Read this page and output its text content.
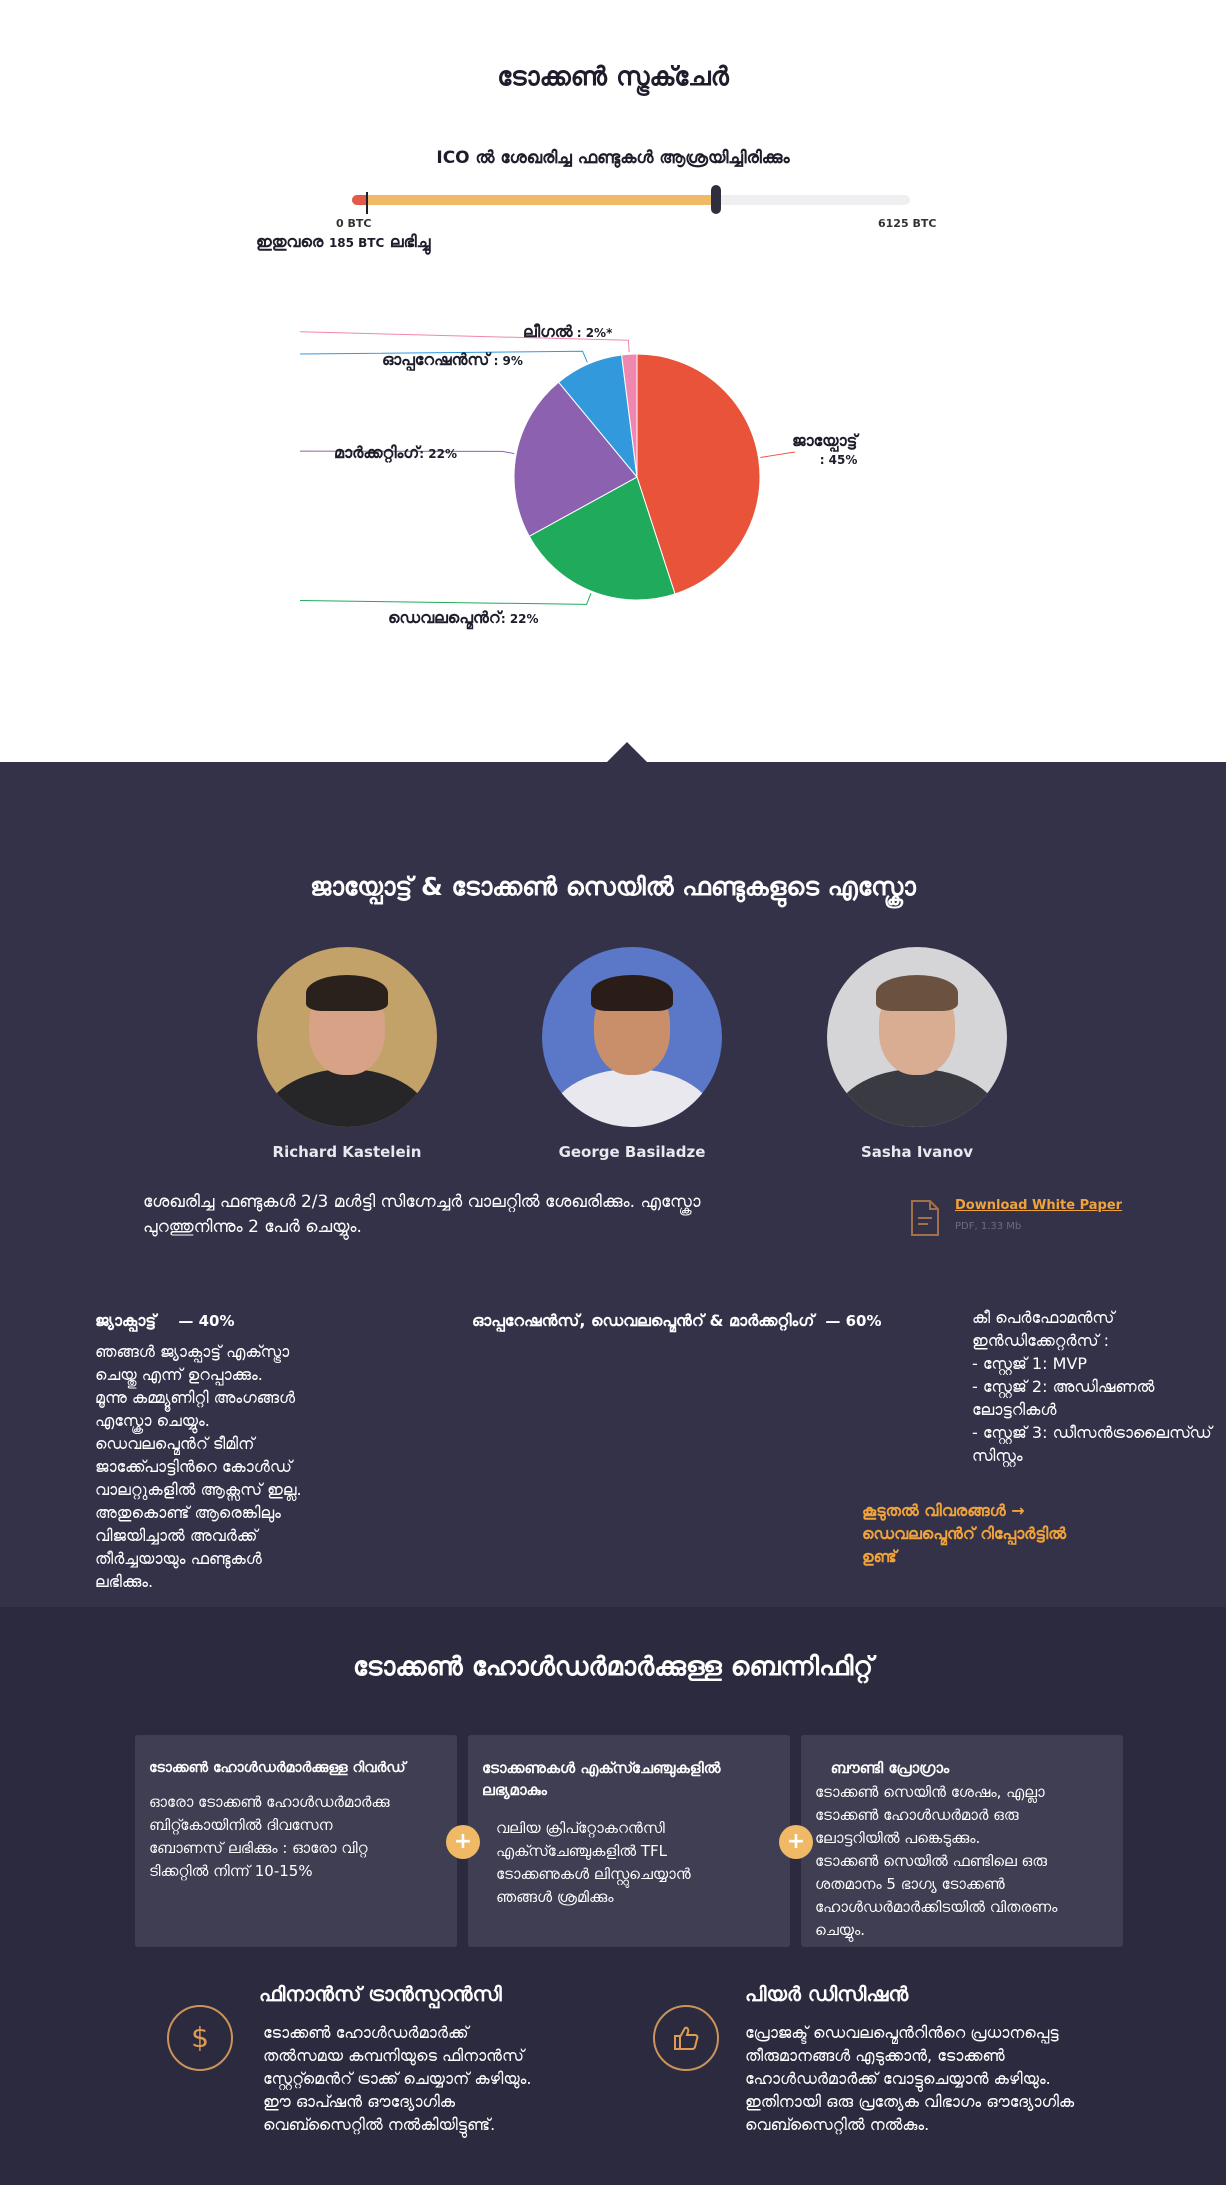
ടോക്കൺ സ്ട്രക്ചേർ
ICO ൽ ശേഖരിച്ച ഫണ്ടുകൾ ആശ്രയിച്ചിരിക്കും
0 BTC	6125 BTC
ഇതുവരെ 185 BTC ലഭിച്ചു
ജായ്പോട്ട്
: 45%
ഡെവലപ്മെൻറ്: 22%
മാർക്കറ്റിംഗ്: 22%
ഓപ്പറേഷൻസ് : 9%
ലീഗൽ : 2%*
ജായ്പോട്ട് & ടോക്കൺ സെയിൽ ഫണ്ടുകളുടെ എസ്ക്രോ
Richard Kastelein	George Basiladze	Sasha Ivanov
ശേഖരിച്ച ഫണ്ടുകൾ 2/3 മൾട്ടി സിഗ്നേച്ചർ വാലറ്റിൽ ശേഖരിക്കും. എസ്ക്രോ
പുറത്തുനിന്നും 2 പേർ ചെയ്യും.
Download White Paper
PDF, 1.33 Mb
ജ്യാക്പാട്ട് — 40%
ഞങ്ങൾ ജ്യാക്പാട്ട് എക്സ്ട്രാ
ചെയ്തു എന്ന് ഉറപ്പാക്കും.
മൂന്നു കമ്മ്യൂണിറ്റി അംഗങ്ങൾ
എസ്ക്രോ ചെയ്യും.
ഡെവലപ്മെൻറ് ടീമിന്
ജാക്ക്പോട്ടിൻറെ കോൾഡ്
വാലറ്റുകളിൽ ആക്സസ് ഇല്ല.
അതുകൊണ്ട് ആരെങ്കിലും
വിജയിച്ചാൽ അവർക്ക്
തീർച്ചയായും ഫണ്ടുകൾ
ലഭിക്കും.
ഓപ്പറേഷൻസ്, ഡെവലപ്മെൻറ് & മാർക്കറ്റിംഗ് — 60%	കീ പെർഫോമൻസ്
ഇൻഡിക്കേറ്റർസ് :
- സ്റ്റേജ് 1: MVP
- സ്റ്റേജ് 2: അഡിഷണൽ
ലോട്ടറികൾ
- സ്റ്റേജ് 3: ഡീസൻട്രാലൈസ്ഡ്
സിസ്റ്റം
കൂടുതൽ വിവരങ്ങൾ →
ഡെവലപ്മെൻറ് റിപ്പോർട്ടിൽ
ഉണ്ട്
ടോക്കൺ ഹോൾഡർമാർക്കുള്ള ബെന്നിഫിറ്റ്
ടോക്കൺ ഹോൾഡർമാർക്കുള്ള റിവർഡ്
ഓരോ ടോക്കൺ ഹോൾഡർമാർക്കു
ബിറ്റ്കോയിനിൽ ദിവസേന
ബോണസ് ലഭിക്കും : ഓരോ വിറ്റ
ടിക്കറ്റിൽ നിന്ന് 10-15%
ടോക്കണുകൾ എക്സ്ചേഞ്ചുകളിൽ
ലഭ്യമാകും
വലിയ ക്രിപ്റ്റോകറൻസി
എക്സ്ചേഞ്ചുകളിൽ TFL
ടോക്കണുകൾ ലിസ്റ്റുചെയ്യാൻ
ഞങ്ങൾ ശ്രമിക്കും
ബൗണ്ടി പ്രോഗ്രാം
ടോക്കൺ സെയിൻ ശേഷം, എല്ലാ
ടോക്കൺ ഹോൾഡർമാർ ഒരു
ലോട്ടറിയിൽ പങ്കെടുക്കും.
ടോക്കൺ സെയിൽ ഫണ്ടിലെ ഒരു
ശതമാനം 5 ഭാഗ്യ ടോക്കൺ
ഹോൾഡർമാർക്കിടയിൽ വിതരണം
ചെയ്യും.
+	+
$
ഫിനാൻസ് ട്രാൻസ്പറൻസി
ടോക്കൺ ഹോൾഡർമാർക്ക്
തൽസമയ കമ്പനിയുടെ ഫിനാൻസ്
സ്റ്റേറ്റ്മെൻറ് ട്രാക്ക് ചെയ്യാന് കഴിയും.
ഈ ഓപ്ഷൻ ഔദ്യോഗിക
വെബ്സൈറ്റിൽ നൽകിയിട്ടുണ്ട്.
പിയർ ഡിസിഷൻ
പ്രോജക്ട് ഡെവലപ്മെൻറിൻറെ പ്രധാനപ്പെട്ട
തീരുമാനങ്ങൾ എടുക്കാൻ, ടോക്കൺ
ഹോൾഡർമാർക്ക് വോട്ടുചെയ്യാൻ കഴിയും.
ഇതിനായി ഒരു പ്രത്യേക വിഭാഗം ഔദ്യോഗിക
വെബ്സൈറ്റിൽ നൽകും.
